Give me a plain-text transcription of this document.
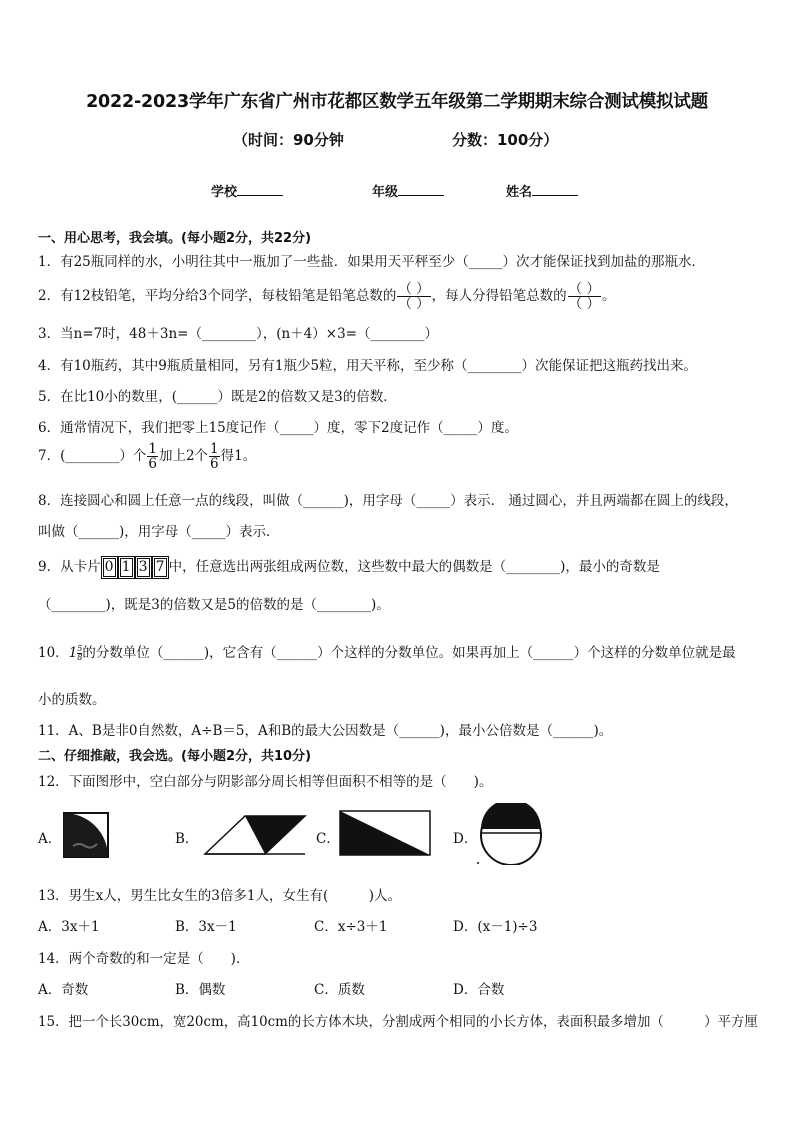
2022-2023学年广东省广州市花都区数学五年级第二学期期末综合测试模拟试题
（时间：90分钟	分数：100分）
学校	年级	姓名
一、用心思考，我会填。(每小题2分，共22分)
1．有25瓶同样的水，小明往其中一瓶加了一些盐．如果用天平秤至少（_____）次才能保证找到加盐的那瓶水．
2．有12枝铅笔，平均分给3个同学，每枝铅笔是铅笔总数的 $\frac{( )}{( )}$ ，每人分得铅笔总数的 $\frac{( )}{( )}$ 。
3．当n=7时，48＋3n=（________），(n＋4）×3=（________）
4．有10瓶药，其中9瓶质量相同，另有1瓶少5粒，用天平称，至少称（________）次能保证把这瓶药找出来。
5．在比10小的数里，(______）既是2的倍数又是3的倍数．
6．通常情况下，我们把零上15度记作（_____）度，零下2度记作（_____）度。
7．(________）个 $\frac{1}{6}$ 加上2个 $\frac{1}{6}$ 得1。
8．连接圆心和圆上任意一点的线段，叫做（______)，用字母（_____）表示． 通过圆心，并且两端都在圆上的线段，
叫做（______)，用字母（_____）表示．
9．从卡片 0 1 3 7 中，任意选出两张组成两位数，这些数中最大的偶数是（________)，最小的奇数是
（________)，既是3的倍数又是5的倍数的是（________)。
10．$1 \frac{5}{8}$ 的分数单位（______)，它含有（______）个这样的分数单位。如果再加上（______）个这样的分数单位就是最
小的质数。
11．A、B是非0自然数，A÷B＝5，A和B的最大公因数是（______)，最小公倍数是（______)。
二、仔细推敲，我会选。(每小题2分，共10分)
12．下面图形中，空白部分与阴影部分周长相等但面积不相等的是（　　)。
A．	B．	C．	D．
13．男生x人，男生比女生的3倍多1人，女生有(　　　)人。
A．3x＋1	B．3x－1	C．x÷3＋1	D．(x－1)÷3
14．两个奇数的和一定是（　　)．
A．奇数	B．偶数	C．质数	D．合数
15．把一个长30cm，宽20cm，高10cm的长方体木块，分割成两个相同的小长方体，表面积最多增加（　　　）平方厘
